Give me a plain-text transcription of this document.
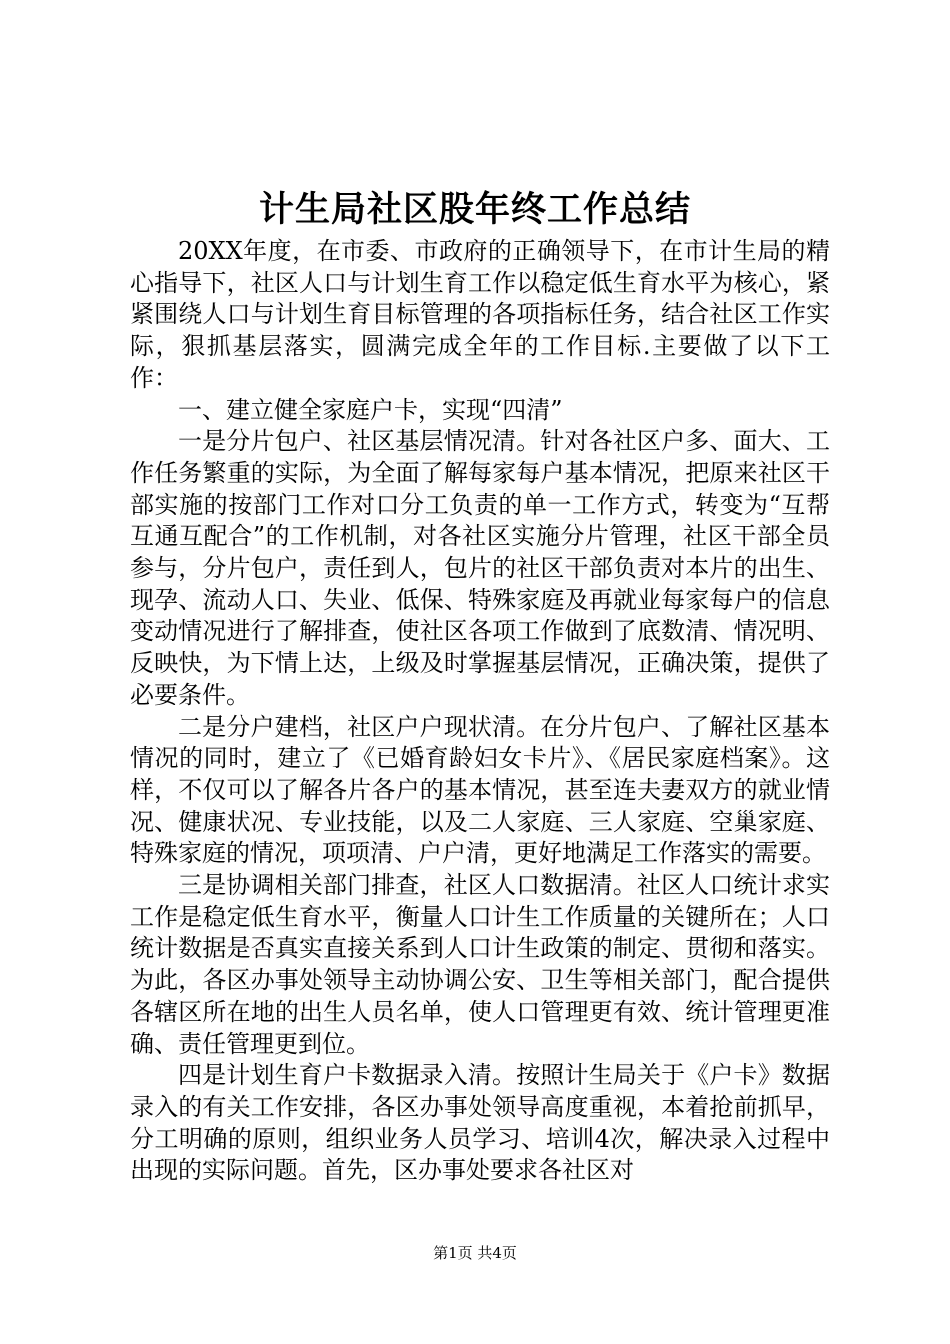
计生局社区股年终工作总结

20XX年度，在市委、市政府的正确领导下，在市计生局的精心指导下，社区人口与计划生育工作以稳定低生育水平为核心，紧紧围绕人口与计划生育目标管理的各项指标任务，结合社区工作实际，狠抓基层落实，圆满完成全年的工作目标.主要做了以下工作：

一、建立健全家庭户卡，实现“四清”

一是分片包户、社区基层情况清。针对各社区户多、面大、工作任务繁重的实际，为全面了解每家每户基本情况，把原来社区干部实施的按部门工作对口分工负责的单一工作方式，转变为“互帮互通互配合”的工作机制，对各社区实施分片管理，社区干部全员参与，分片包户，责任到人，包片的社区干部负责对本片的出生、现孕、流动人口、失业、低保、特殊家庭及再就业每家每户的信息变动情况进行了解排查，使社区各项工作做到了底数清、情况明、反映快，为下情上达，上级及时掌握基层情况，正确决策，提供了必要条件。

二是分户建档，社区户户现状清。在分片包户、了解社区基本情况的同时，建立了《已婚育龄妇女卡片》、《居民家庭档案》。这样，不仅可以了解各片各户的基本情况，甚至连夫妻双方的就业情况、健康状况、专业技能，以及二人家庭、三人家庭、空巢家庭、特殊家庭的情况，项项清、户户清，更好地满足工作落实的需要。

三是协调相关部门排查，社区人口数据清。社区人口统计求实工作是稳定低生育水平，衡量人口计生工作质量的关键所在；人口统计数据是否真实直接关系到人口计生政策的制定、贯彻和落实。为此，各区办事处领导主动协调公安、卫生等相关部门，配合提供各辖区所在地的出生人员名单，使人口管理更有效、统计管理更准确、责任管理更到位。

四是计划生育户卡数据录入清。按照计生局关于《户卡》数据录入的有关工作安排，各区办事处领导高度重视，本着抢前抓早，分工明确的原则，组织业务人员学习、培训4次，解决录入过程中出现的实际问题。首先，区办事处要求各社区对

第1页 共4页
